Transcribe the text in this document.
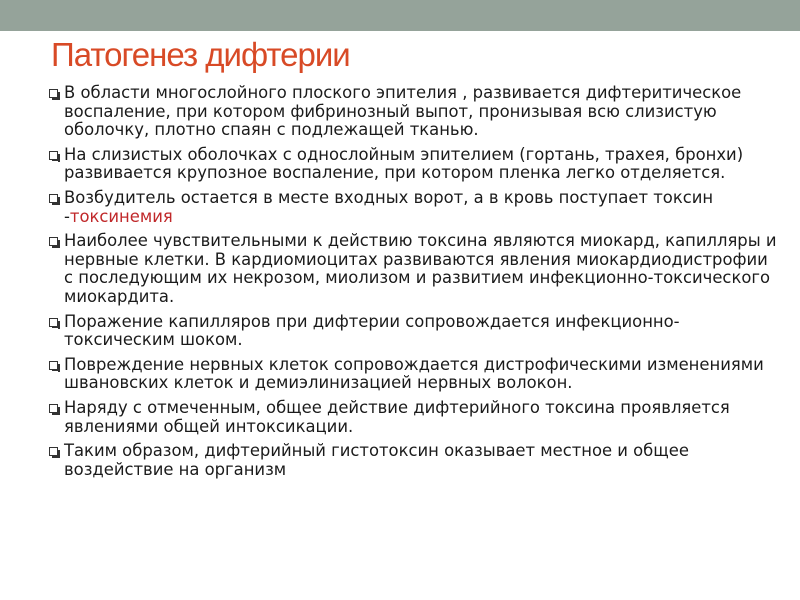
Патогенез дифтерии
В области многослойного плоского эпителия , развивается дифтеритическое воспаление, при котором фибринозный выпот, пронизывая всю слизистую оболочку, плотно спаян с подлежащей тканью.
На слизистых оболочках с однослойным эпителием (гортань, трахея, бронхи) развивается крупозное воспаление, при котором пленка легко отделяется.
Возбудитель остается в месте входных ворот, а в кровь поступает токсин -токсинемия
Наиболее чувствительными к действию токсина являются миокард, капилляры и нервные клетки. В кардиомиоцитах развиваются явления миокардиодистрофии с последующим их некрозом, миолизом и развитием инфекционно-токсического миокардита.
Поражение капилляров при дифтерии сопровождается инфекционно-токсическим шоком.
Повреждение нервных клеток сопровождается дистрофическими изменениями швановских клеток и демиэлинизацией нервных волокон.
Наряду с отмеченным, общее действие дифтерийного токсина проявляется явлениями общей интоксикации.
Таким образом, дифтерийный гистотоксин оказывает местное и общее воздействие на организм
